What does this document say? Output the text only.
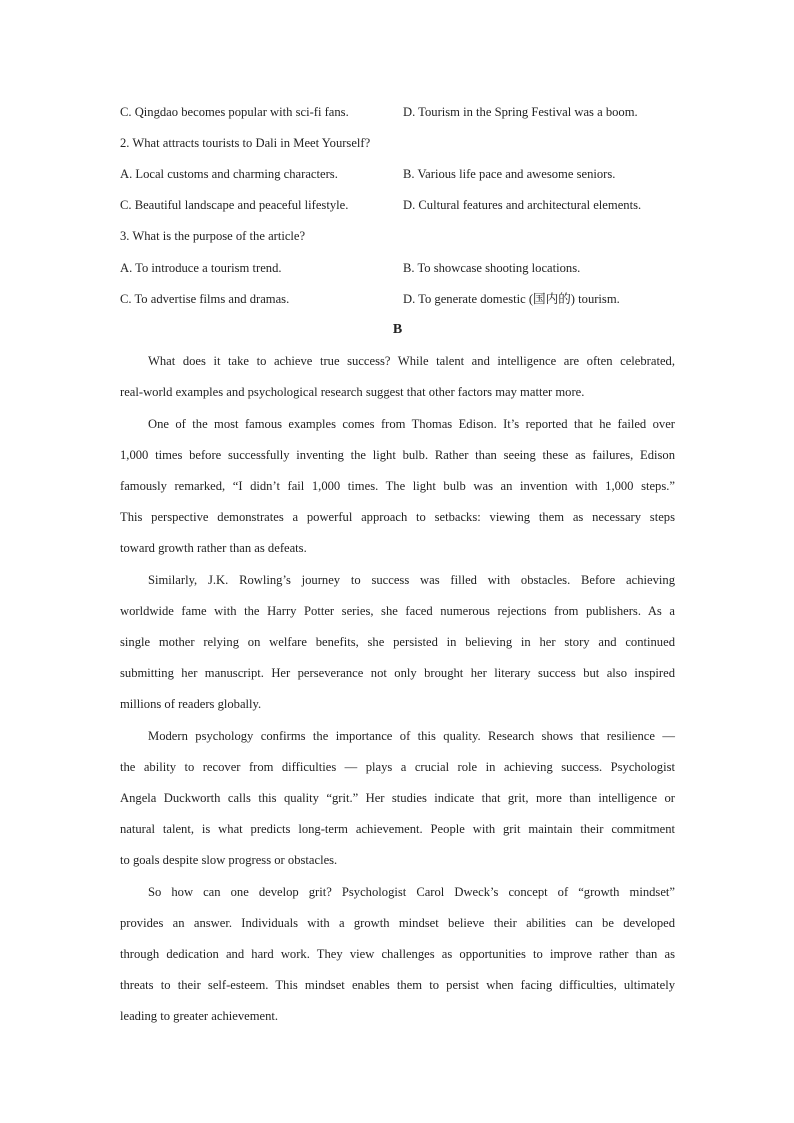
C. Qingdao becomes popular with sci-fi fans.	D. Tourism in the Spring Festival was a boom.
2. What attracts tourists to Dali in Meet Yourself?
A. Local customs and charming characters.	B. Various life pace and awesome seniors.
C. Beautiful landscape and peaceful lifestyle.	D. Cultural features and architectural elements.
3. What is the purpose of the article?
A. To introduce a tourism trend.	B. To showcase shooting locations.
C. To advertise films and dramas.	D. To generate domestic (国内的) tourism.
B
What does it take to achieve true success? While talent and intelligence are often celebrated,
real-world examples and psychological research suggest that other factors may matter more.
One of the most famous examples comes from Thomas Edison. It’s reported that he failed over
1,000 times before successfully inventing the light bulb. Rather than seeing these as failures, Edison
famously remarked, “I didn’t fail 1,000 times. The light bulb was an invention with 1,000 steps.”
This perspective demonstrates a powerful approach to setbacks: viewing them as necessary steps
toward growth rather than as defeats.
Similarly, J.K. Rowling’s journey to success was filled with obstacles. Before achieving
worldwide fame with the Harry Potter series, she faced numerous rejections from publishers. As a
single mother relying on welfare benefits, she persisted in believing in her story and continued
submitting her manuscript. Her perseverance not only brought her literary success but also inspired
millions of readers globally.
Modern psychology confirms the importance of this quality. Research shows that resilience —
the ability to recover from difficulties — plays a crucial role in achieving success. Psychologist
Angela Duckworth calls this quality “grit.” Her studies indicate that grit, more than intelligence or
natural talent, is what predicts long-term achievement. People with grit maintain their commitment
to goals despite slow progress or obstacles.
So how can one develop grit? Psychologist Carol Dweck’s concept of “growth mindset”
provides an answer. Individuals with a growth mindset believe their abilities can be developed
through dedication and hard work. They view challenges as opportunities to improve rather than as
threats to their self-esteem. This mindset enables them to persist when facing difficulties, ultimately
leading to greater achievement.
